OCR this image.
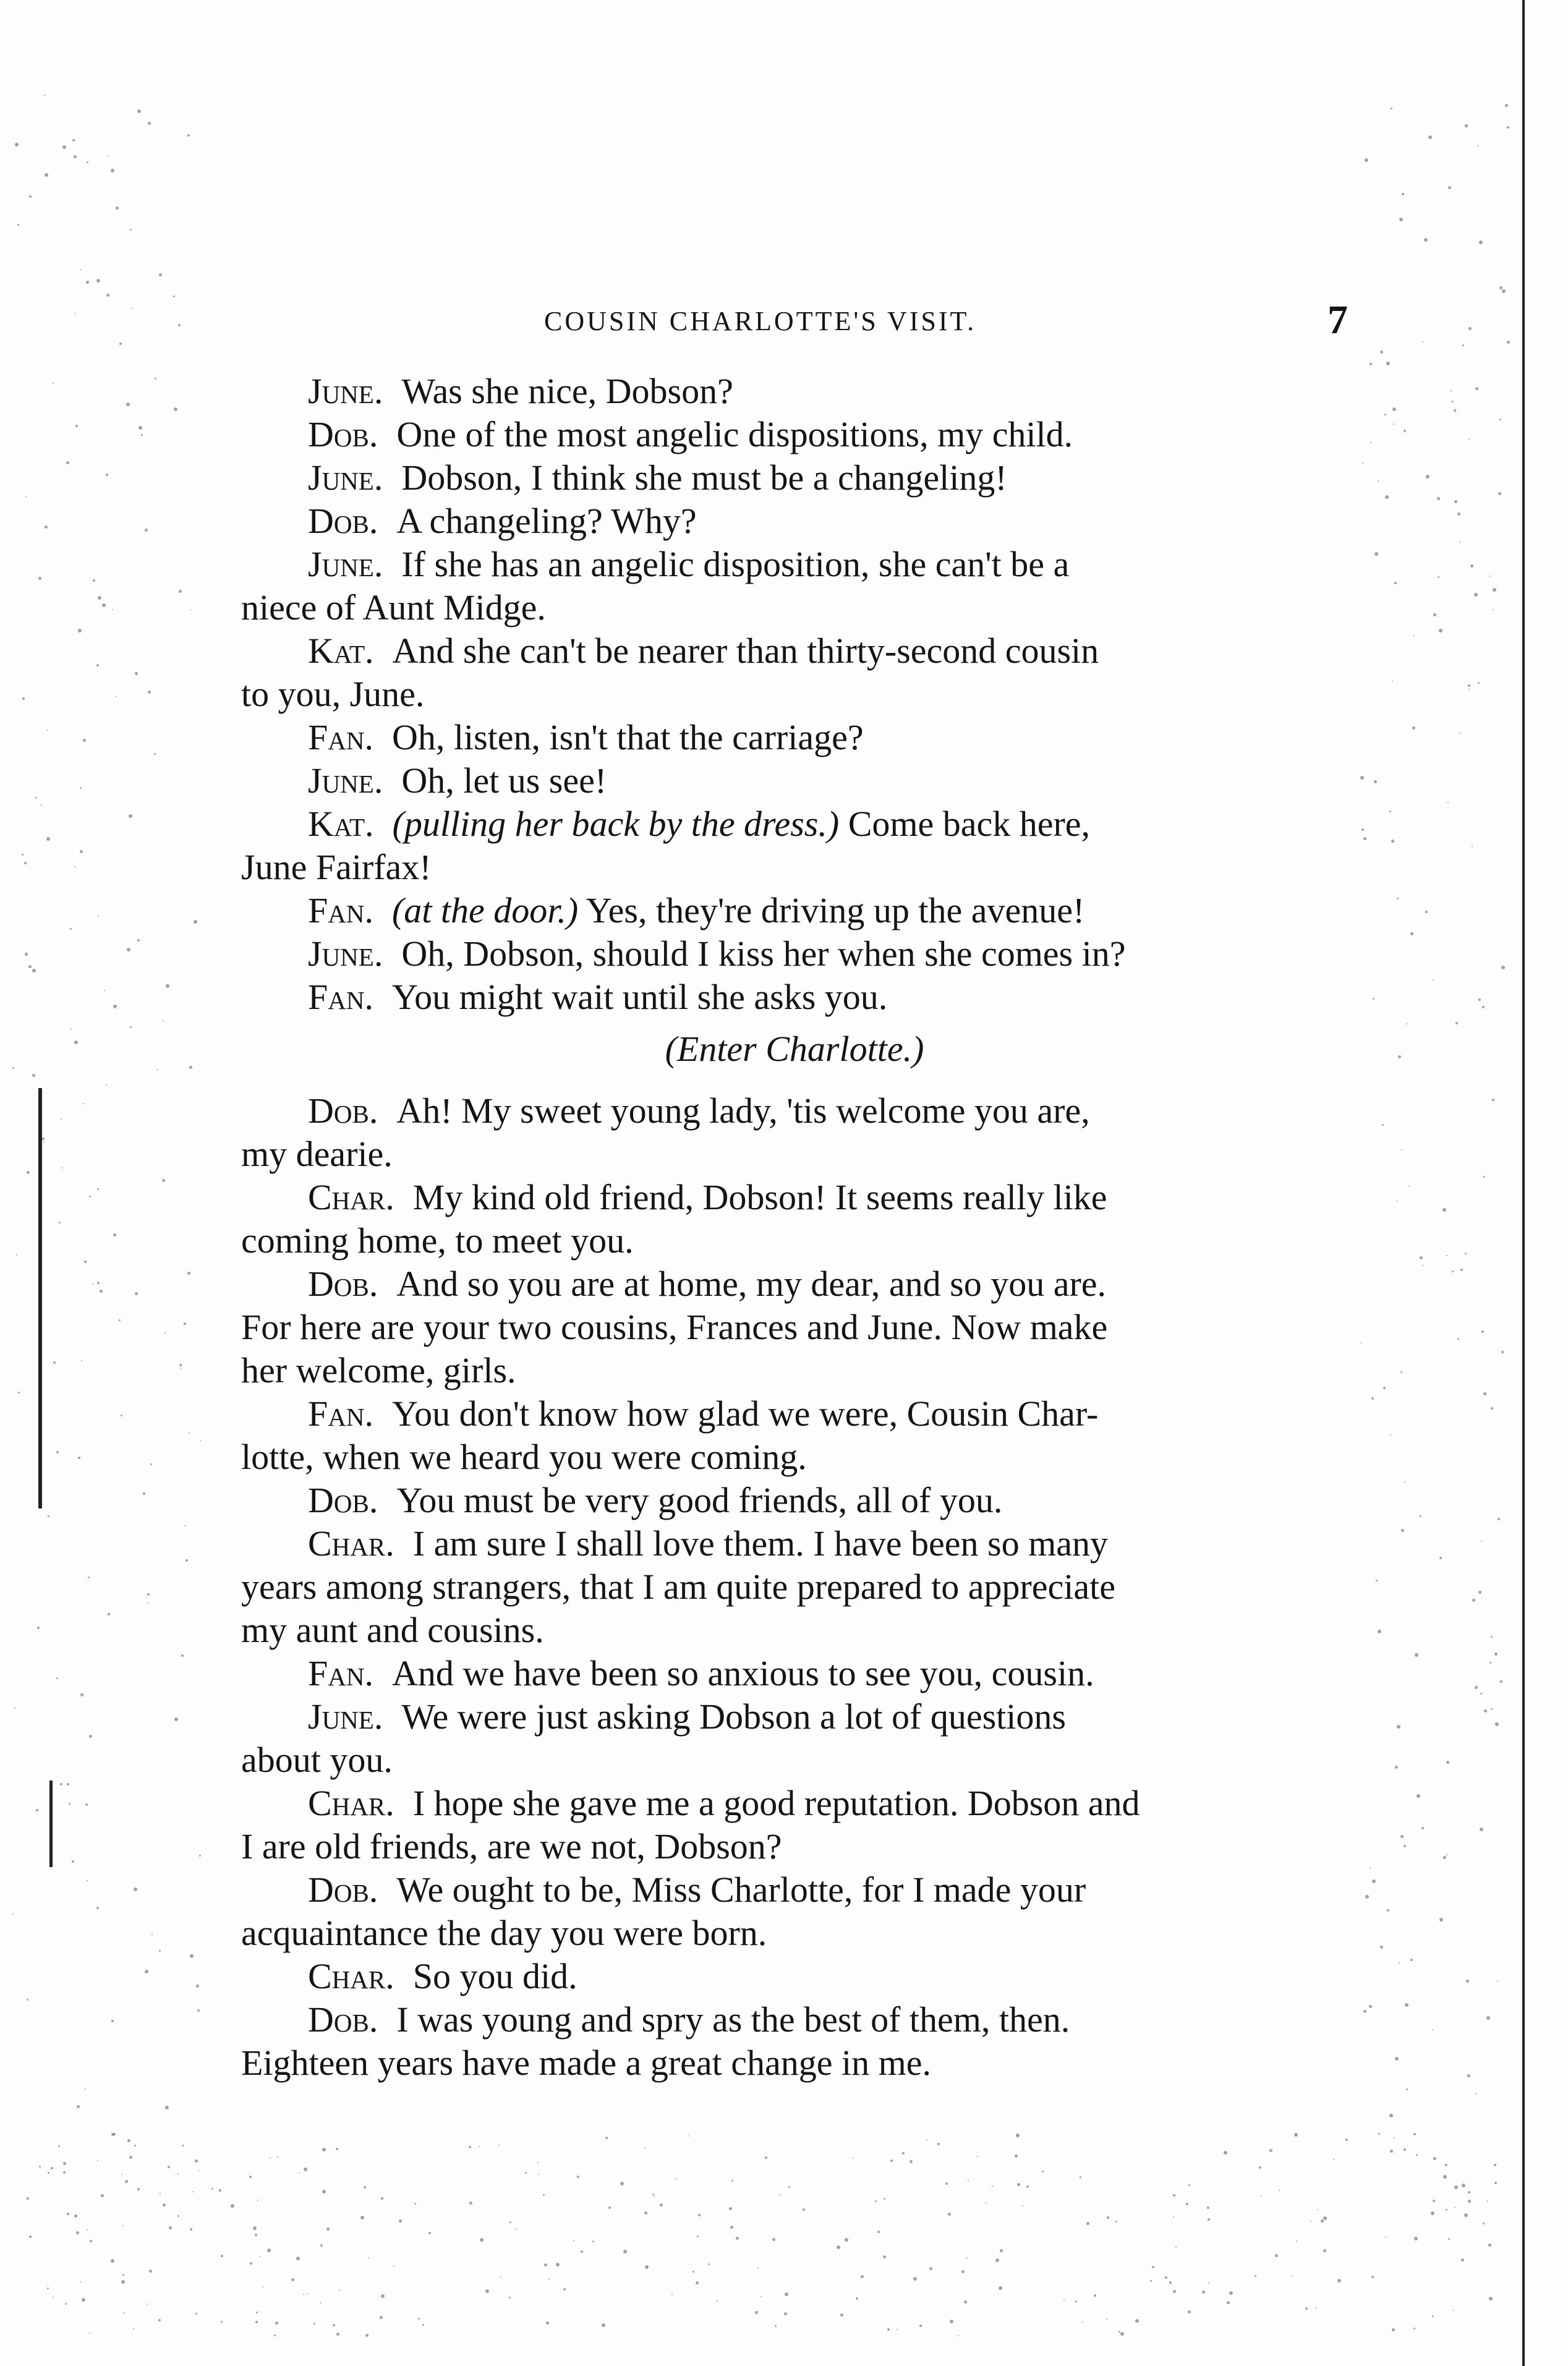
COUSIN CHARLOTTE'S VISIT.	7
June. Was she nice, Dobson?
Dob. One of the most angelic dispositions, my child.
June. Dobson, I think she must be a changeling!
Dob. A changeling? Why?
June. If she has an angelic disposition, she can't be a
niece of Aunt Midge.
Kat. And she can't be nearer than thirty-second cousin
to you, June.
Fan. Oh, listen, isn't that the carriage?
June. Oh, let us see!
Kat. (pulling her back by the dress.) Come back here,
June Fairfax!
Fan. (at the door.) Yes, they're driving up the avenue!
June. Oh, Dobson, should I kiss her when she comes in?
Fan. You might wait until she asks you.
(Enter Charlotte.)
Dob. Ah! My sweet young lady, 'tis welcome you are,
my dearie.
Char. My kind old friend, Dobson! It seems really like
coming home, to meet you.
Dob. And so you are at home, my dear, and so you are.
For here are your two cousins, Frances and June. Now make
her welcome, girls.
Fan. You don't know how glad we were, Cousin Char-
lotte, when we heard you were coming.
Dob. You must be very good friends, all of you.
Char. I am sure I shall love them. I have been so many
years among strangers, that I am quite prepared to appreciate
my aunt and cousins.
Fan. And we have been so anxious to see you, cousin.
June. We were just asking Dobson a lot of questions
about you.
Char. I hope she gave me a good reputation. Dobson and
I are old friends, are we not, Dobson?
Dob. We ought to be, Miss Charlotte, for I made your
acquaintance the day you were born.
Char. So you did.
Dob. I was young and spry as the best of them, then.
Eighteen years have made a great change in me.
